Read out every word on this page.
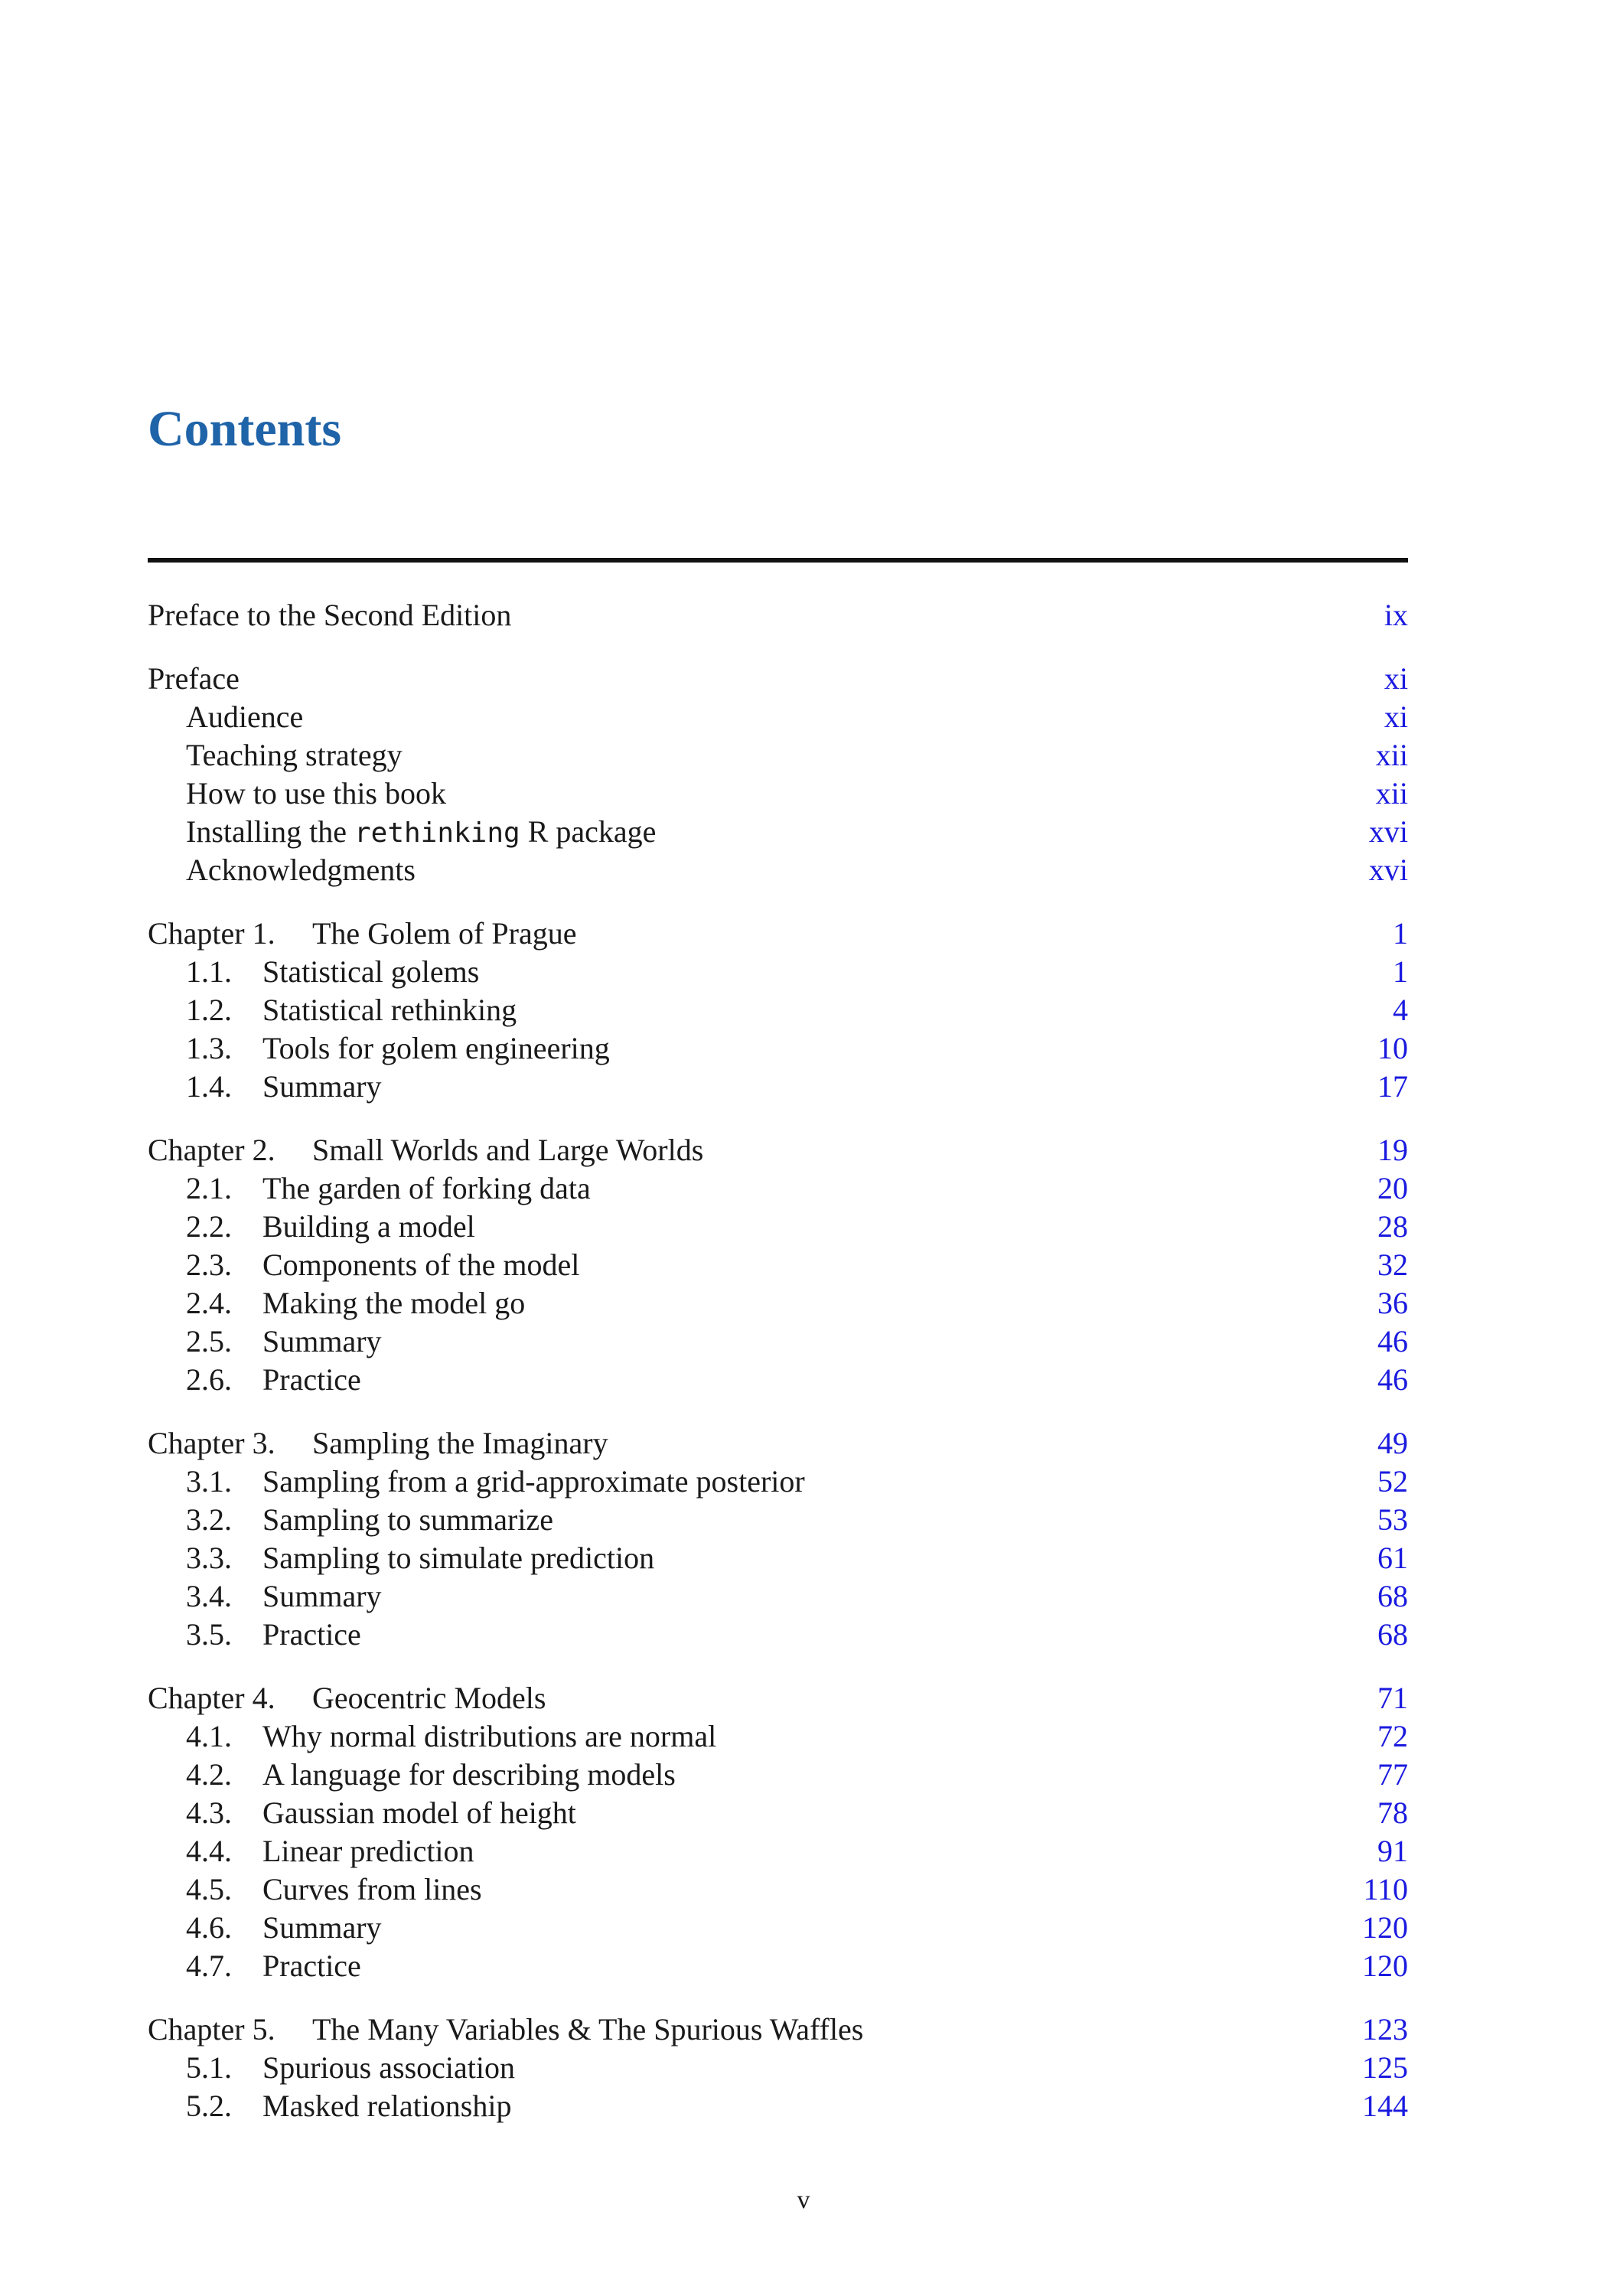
Contents
Preface to the Second Edition	ix
Preface	xi
Audience	xi
Teaching strategy	xii
How to use this book	xii
Installing the rethinking R package	xvi
Acknowledgments	xvi
Chapter 1.	The Golem of Prague	1
1.1.	Statistical golems	1
1.2.	Statistical rethinking	4
1.3.	Tools for golem engineering	10
1.4.	Summary	17
Chapter 2.	Small Worlds and Large Worlds	19
2.1.	The garden of forking data	20
2.2.	Building a model	28
2.3.	Components of the model	32
2.4.	Making the model go	36
2.5.	Summary	46
2.6.	Practice	46
Chapter 3.	Sampling the Imaginary	49
3.1.	Sampling from a grid-approximate posterior	52
3.2.	Sampling to summarize	53
3.3.	Sampling to simulate prediction	61
3.4.	Summary	68
3.5.	Practice	68
Chapter 4.	Geocentric Models	71
4.1.	Why normal distributions are normal	72
4.2.	A language for describing models	77
4.3.	Gaussian model of height	78
4.4.	Linear prediction	91
4.5.	Curves from lines	110
4.6.	Summary	120
4.7.	Practice	120
Chapter 5.	The Many Variables & The Spurious Waffles	123
5.1.	Spurious association	125
5.2.	Masked relationship	144
v
